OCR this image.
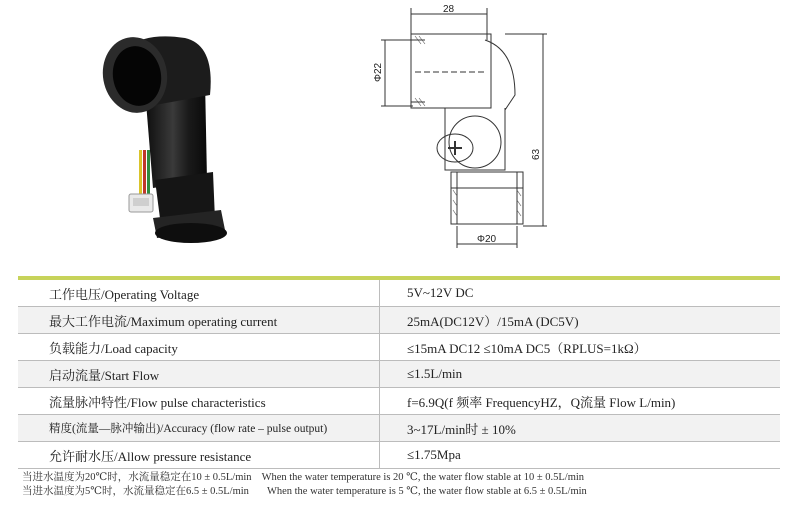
28
Φ22
63
Φ20
工作电压/Operating Voltage	5V~12V DC
最大工作电流/Maximum operating current	25mA(DC12V）/15mA (DC5V)
负载能力/Load capacity	≤15mA DC12 ≤10mA DC5（RPLUS=1kΩ）
启动流量/Start Flow	≤1.5L/min
流量脉冲特性/Flow pulse characteristics	f=6.9Q(f 频率 FrequencyHZ，Q流量 Flow L/min)
精度(流量—脉冲输出)/Accuracy (flow rate – pulse output)	3~17L/min时 ± 10%
允许耐水压/Allow pressure resistance	≤1.75Mpa
当进水温度为20℃时，水流量稳定在10 ± 0.5L/min When the water temperature is 20 ℃, the water flow stable at 10 ± 0.5L/min
当进水温度为5℃时，水流量稳定在6.5 ± 0.5L/min When the water temperature is 5 ℃, the water flow stable at 6.5 ± 0.5L/min
